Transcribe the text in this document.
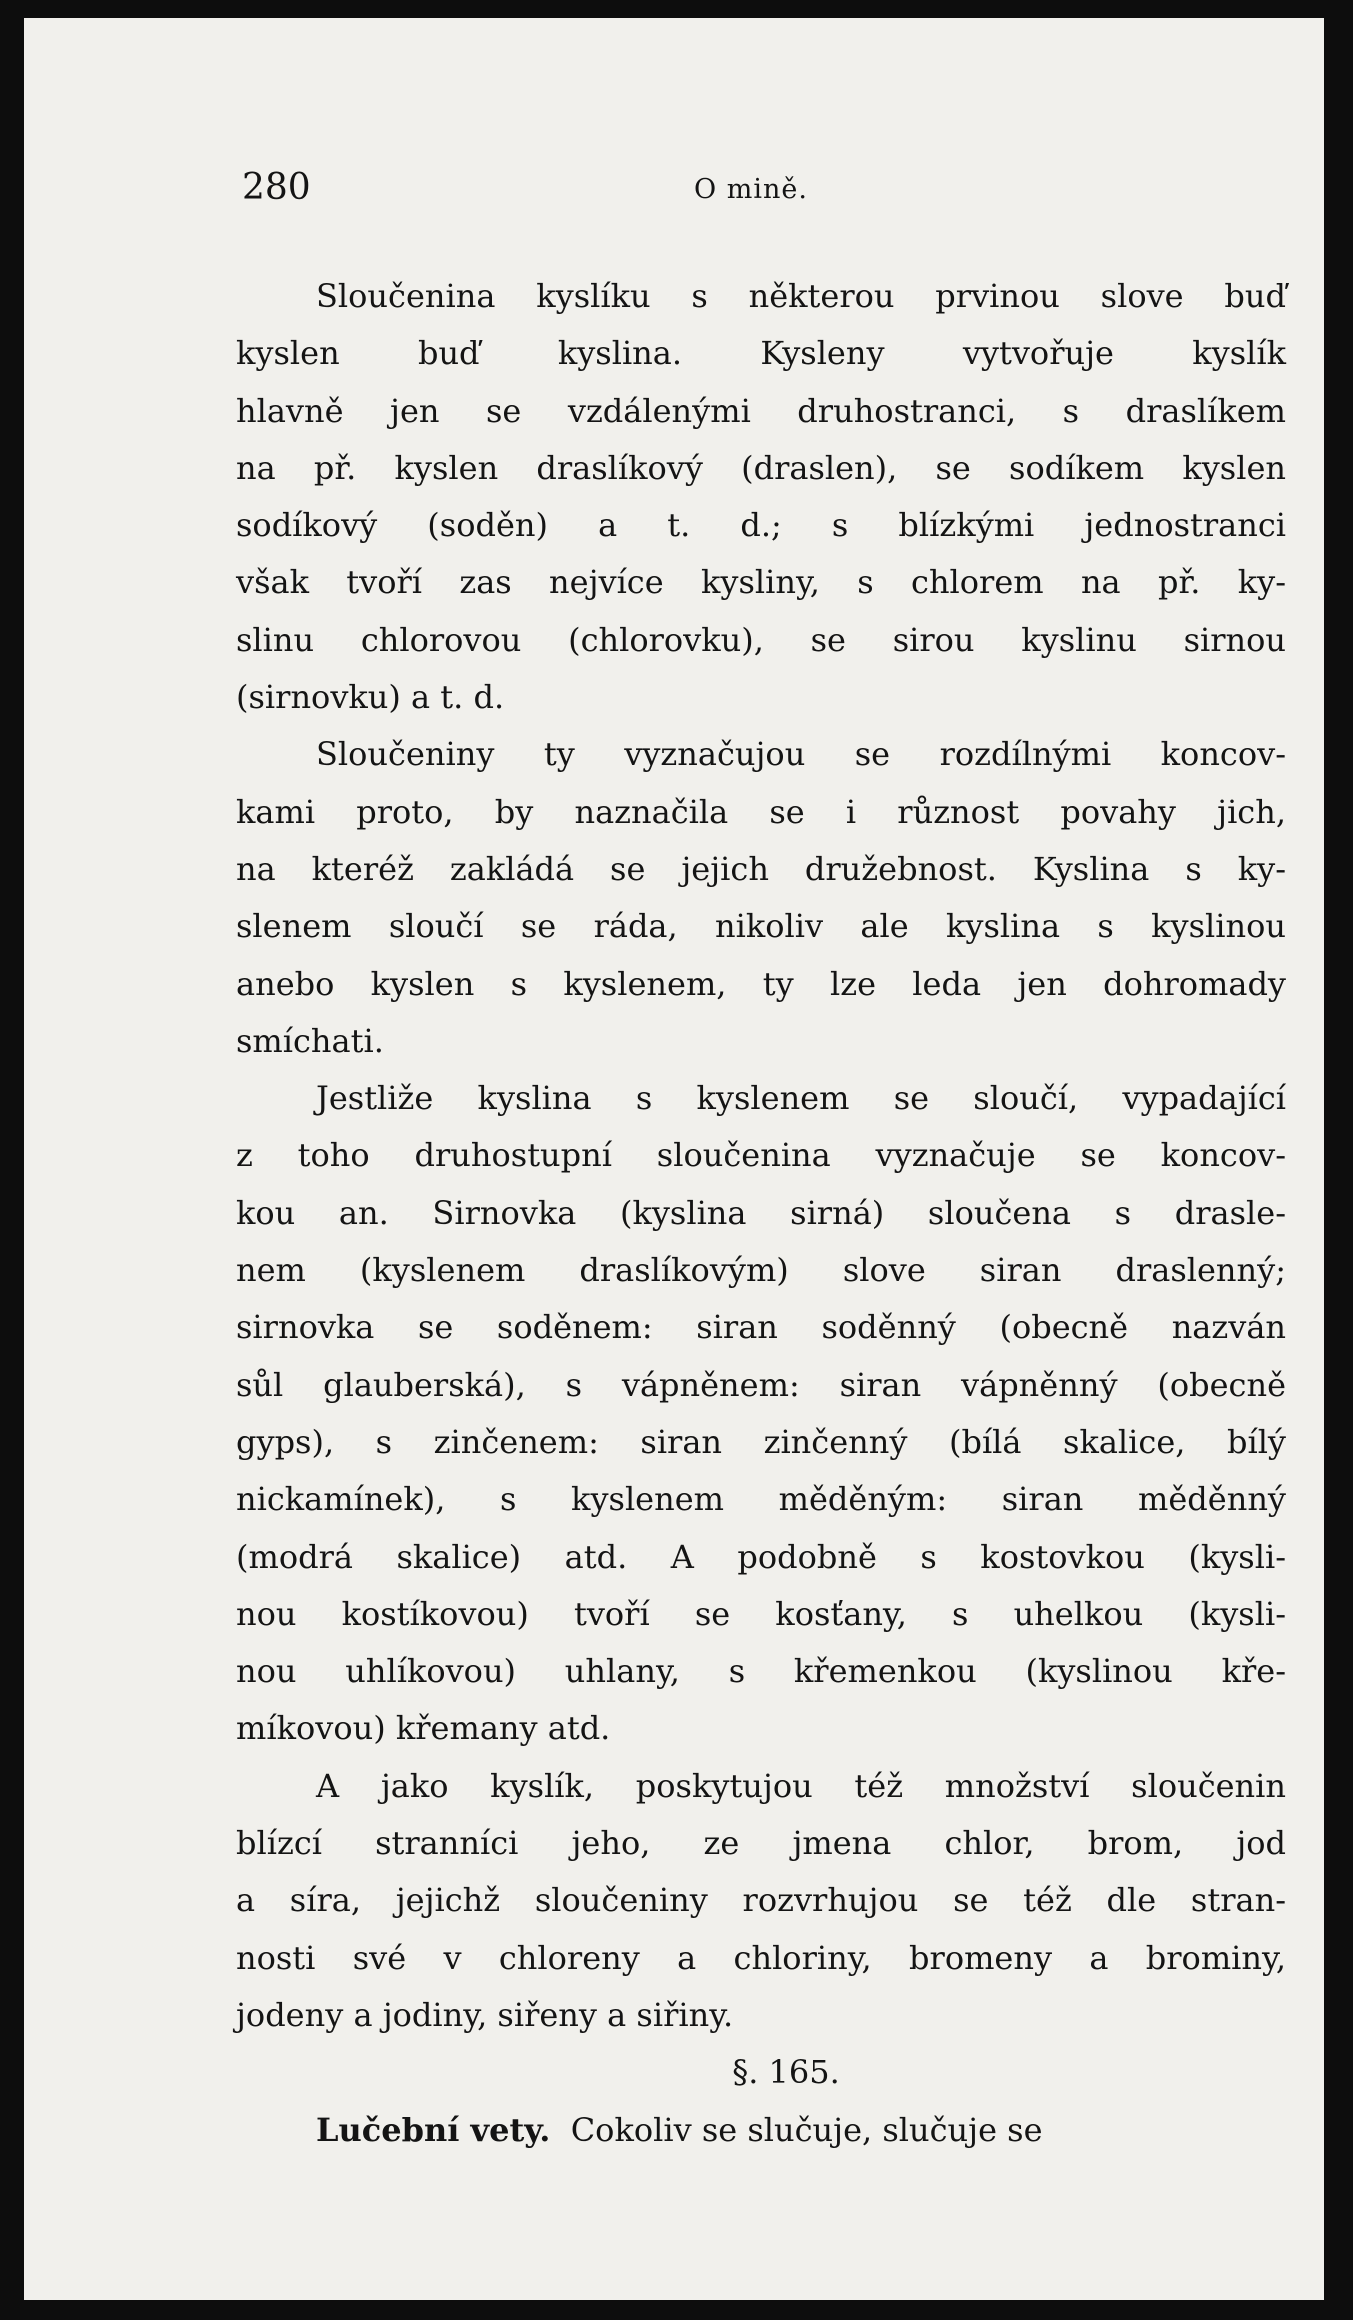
280	O mině.
Sloučenina kyslíku s některou prvinou slove buď
kyslen buď kyslina. Kysleny vytvořuje kyslík
hlavně jen se vzdálenými druhostranci, s draslíkem
na př. kyslen draslíkový (draslen), se sodíkem kyslen
sodíkový (soděn) a t. d.; s blízkými jednostranci
však tvoří zas nejvíce kysliny, s chlorem na př. ky-
slinu chlorovou (chlorovku), se sirou kyslinu sirnou
(sirnovku) a t. d.
Sloučeniny ty vyznačujou se rozdílnými koncov-
kami proto, by naznačila se i různost povahy jich,
na kteréž zakládá se jejich družebnost. Kyslina s ky-
slenem sloučí se ráda, nikoliv ale kyslina s kyslinou
anebo kyslen s kyslenem, ty lze leda jen dohromady
smíchati.
Jestliže kyslina s kyslenem se sloučí, vypadající
z toho druhostupní sloučenina vyznačuje se koncov-
kou an. Sirnovka (kyslina sirná) sloučena s drasle-
nem (kyslenem draslíkovým) slove siran draslenný;
sirnovka se soděnem: siran soděnný (obecně nazván
sůl glauberská), s vápněnem: siran vápněnný (obecně
gyps), s zinčenem: siran zinčenný (bílá skalice, bílý
nickamínek), s kyslenem měděným: siran měděnný
(modrá skalice) atd. A podobně s kostovkou (kysli-
nou kostíkovou) tvoří se kosťany, s uhelkou (kysli-
nou uhlíkovou) uhlany, s křemenkou (kyslinou kře-
míkovou) křemany atd.
A jako kyslík, poskytujou též množství sloučenin
blízcí stranníci jeho, ze jmena chlor, brom, jod
a síra, jejichž sloučeniny rozvrhujou se též dle stran-
nosti své v chloreny a chloriny, bromeny a brominy,
jodeny a jodiny, siřeny a siřiny.
§. 165.
Lučební vety. Cokoliv se slučuje, slučuje se
